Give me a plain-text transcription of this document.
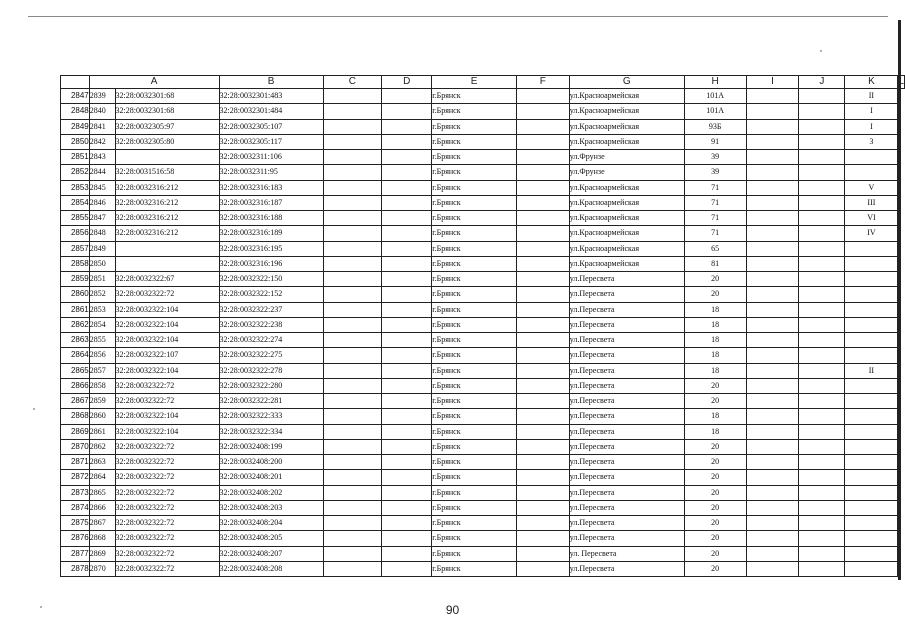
	A		B	C	D	E	F	G	H	I	J	K	L
2847	2839	32:28:0032301:68	32:28:0032301:483			г.Брянск		ул.Красноармейская	101А			II	
2848	2840	32:28:0032301:68	32:28:0032301:484			г.Брянск		ул.Красноармейская	101А			I	
2849	2841	32:28:0032305:97	32:28:0032305:107			г.Брянск		ул.Красноармейская	93Б			I	
2850	2842	32:28:0032305:80	32:28:0032305:117			г.Брянск		ул.Красноармейская	91			3	
2851	2843		32:28:0032311:106			г.Брянск		ул.Фрунзе	39				
2852	2844	32:28:0031516:58	32:28:0032311:95			г.Брянск		ул.Фрунзе	39				
2853	2845	32:28:0032316:212	32:28:0032316:183			г.Брянск		ул.Красноармейская	71			V	
2854	2846	32:28:0032316:212	32:28:0032316:187			г.Брянск		ул.Красноармейская	71			III	
2855	2847	32:28:0032316:212	32:28:0032316:188			г.Брянск		ул.Красноармейская	71			VI	
2856	2848	32:28:0032316:212	32:28:0032316:189			г.Брянск		ул.Красноармейская	71			IV	
2857	2849		32:28:0032316:195			г.Брянск		ул.Красноармейская	65				
2858	2850		32:28:0032316:196			г.Брянск		ул.Красноармейская	81				
2859	2851	32:28:0032322:67	32:28:0032322:150			г.Брянск		ул.Пересвета	20				
2860	2852	32:28:0032322:72	32:28:0032322:152			г.Брянск		ул.Пересвета	20				
2861	2853	32:28:0032322:104	32:28:0032322:237			г.Брянск		ул.Пересвета	18				
2862	2854	32:28:0032322:104	32:28:0032322:238			г.Брянск		ул.Пересвета	18				
2863	2855	32:28:0032322:104	32:28:0032322:274			г.Брянск		ул.Пересвета	18				
2864	2856	32:28:0032322:107	32:28:0032322:275			г.Брянск		ул.Пересвета	18				
2865	2857	32:28:0032322:104	32:28:0032322:278			г.Брянск		ул.Пересвета	18			II	
2866	2858	32:28:0032322:72	32:28:0032322:280			г.Брянск		ул.Пересвета	20				
2867	2859	32:28:0032322:72	32:28:0032322:281			г.Брянск		ул.Пересвета	20				
2868	2860	32:28:0032322:104	32:28:0032322:333			г.Брянск		ул.Пересвета	18				
2869	2861	32:28:0032322:104	32:28:0032322:334			г.Брянск		ул.Пересвета	18				
2870	2862	32:28:0032322:72	32:28:0032408:199			г.Брянск		ул.Пересвета	20				
2871	2863	32:28:0032322:72	32:28:0032408:200			г.Брянск		ул.Пересвета	20				
2872	2864	32:28:0032322:72	32:28:0032408:201			г.Брянск		ул.Пересвета	20				
2873	2865	32:28:0032322:72	32:28:0032408:202			г.Брянск		ул.Пересвета	20				
2874	2866	32:28:0032322:72	32:28:0032408:203			г.Брянск		ул.Пересвета	20				
2875	2867	32:28:0032322:72	32:28:0032408:204			г.Брянск		ул.Пересвета	20				
2876	2868	32:28:0032322:72	32:28:0032408:205			г.Брянск		ул.Пересвета	20				
2877	2869	32:28:0032322:72	32:28:0032408:207			г.Брянск		ул. Пересвета	20				
2878	2870	32:28:0032322:72	32:28:0032408:208			г.Брянск		ул.Пересвета	20				
90
